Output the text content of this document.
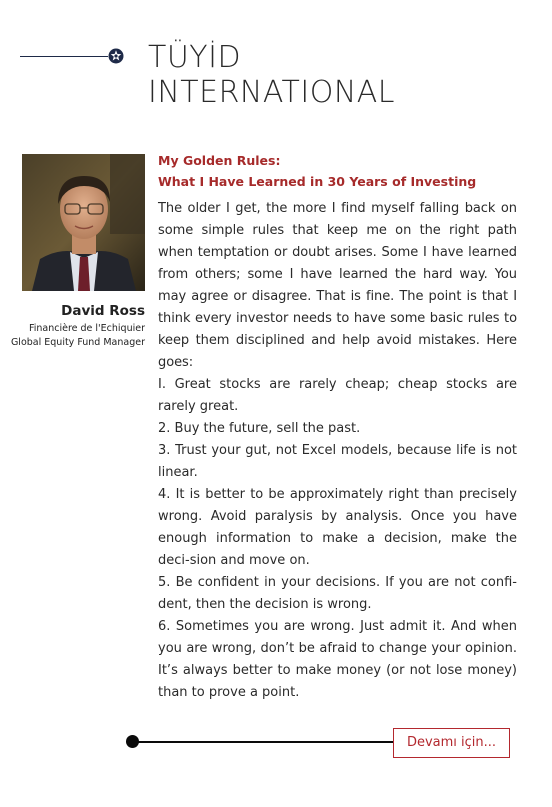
TÜYİD
INTERNATIONAL
David Ross
Financière de l'Echiquier
Global Equity Fund Manager
My Golden Rules:
What I Have Learned in 30 Years of Investing

The older I get, the more I find myself falling back on some simple rules that keep me on the right path when temptation or doubt arises. Some I have learned from others; some I have learned the hard way. You may agree or disagree. That is fine. The point is that I think every investor needs to have some basic rules to keep them disciplined and help avoid mistakes. Here goes:

I. Great stocks are rarely cheap; cheap stocks are rarely great.

2. Buy the future, sell the past.

3. Trust your gut, not Excel models, because life is not linear.

4. It is better to be approximately right than precisely wrong. Avoid paralysis by analysis. Once you have enough information to make a decision, make the deci-sion and move on.

5. Be confident in your decisions. If you are not confi-dent, then the decision is wrong.

6. Sometimes you are wrong. Just admit it. And when you are wrong, don’t be afraid to change your opinion. It’s always better to make money (or not lose money) than to prove a point.

Devamı için...
